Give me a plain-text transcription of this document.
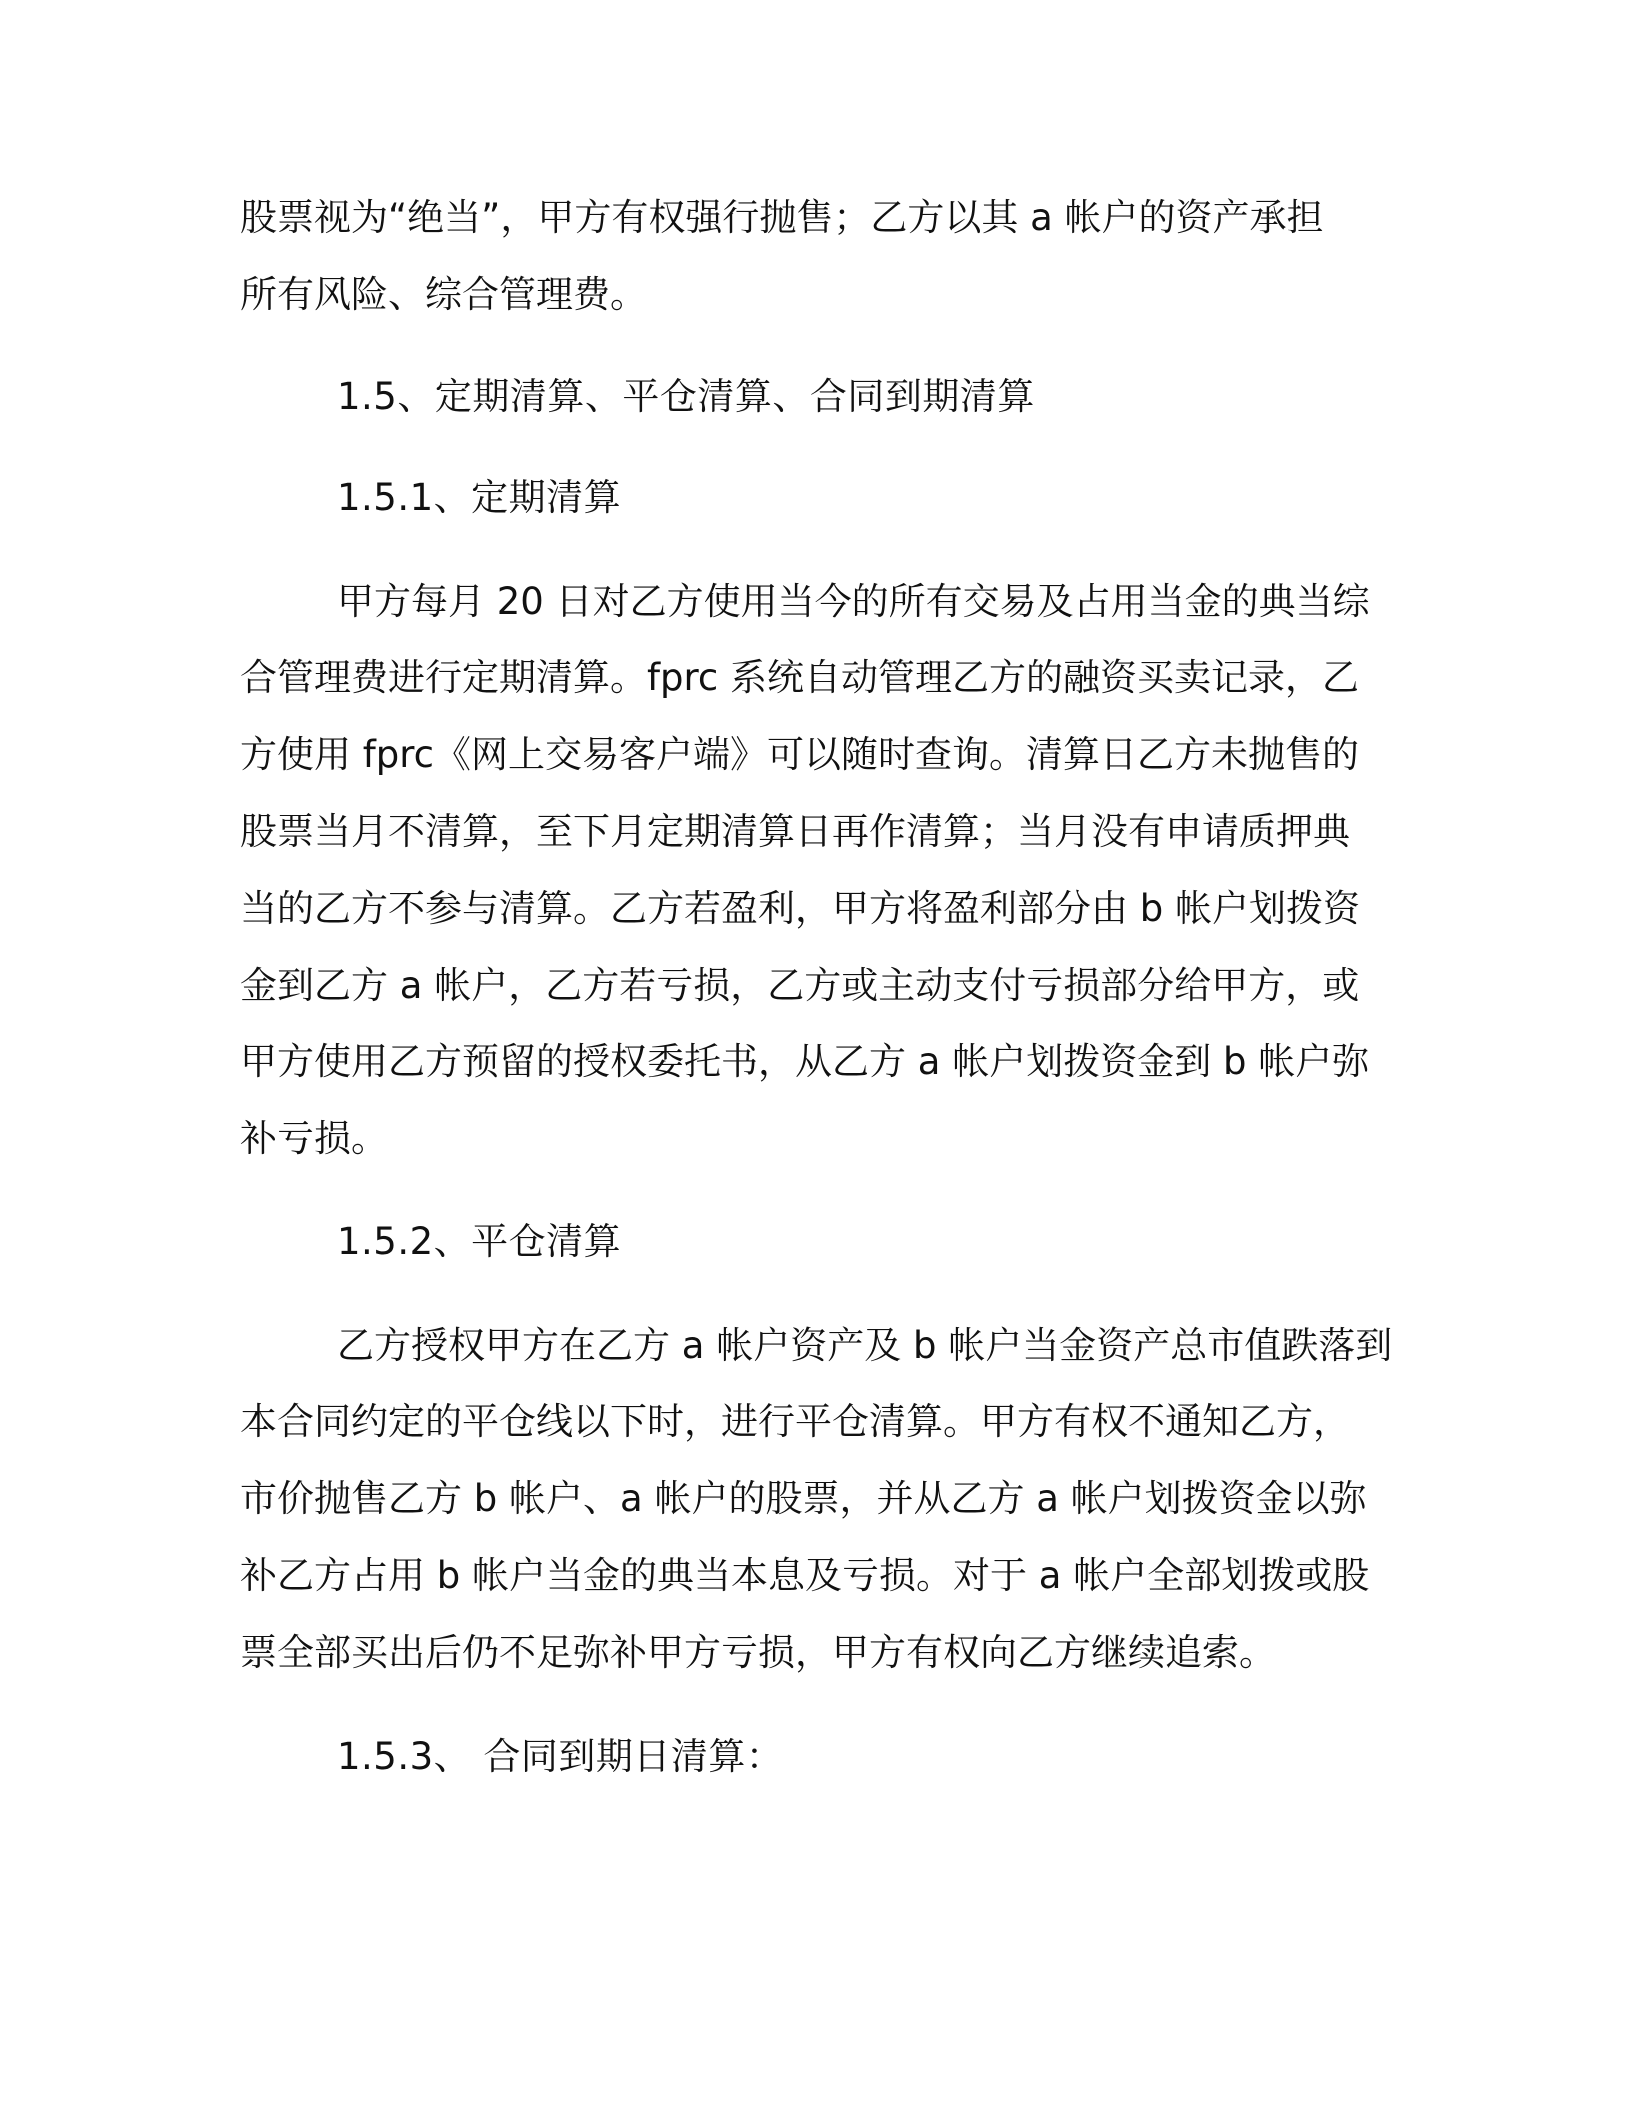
股票视为“绝当”，甲方有权强行抛售；乙方以其 a 帐户的资产承担

所有风险、综合管理费。

1.5、定期清算、平仓清算、合同到期清算

1.5.1、定期清算

甲方每月 20 日对乙方使用当今的所有交易及占用当金的典当综

合管理费进行定期清算。fprc 系统自动管理乙方的融资买卖记录，乙

方使用 fprc《网上交易客户端》可以随时查询。清算日乙方未抛售的

股票当月不清算，至下月定期清算日再作清算；当月没有申请质押典

当的乙方不参与清算。乙方若盈利，甲方将盈利部分由 b 帐户划拨资

金到乙方 a 帐户，乙方若亏损，乙方或主动支付亏损部分给甲方，或

甲方使用乙方预留的授权委托书，从乙方 a 帐户划拨资金到 b 帐户弥

补亏损。

1.5.2、平仓清算

乙方授权甲方在乙方 a 帐户资产及 b 帐户当金资产总市值跌落到

本合同约定的平仓线以下时，进行平仓清算。甲方有权不通知乙方，

市价抛售乙方 b 帐户、a 帐户的股票，并从乙方 a 帐户划拨资金以弥

补乙方占用 b 帐户当金的典当本息及亏损。对于 a 帐户全部划拨或股

票全部买出后仍不足弥补甲方亏损，甲方有权向乙方继续追索。

1.5.3、 合同到期日清算：
